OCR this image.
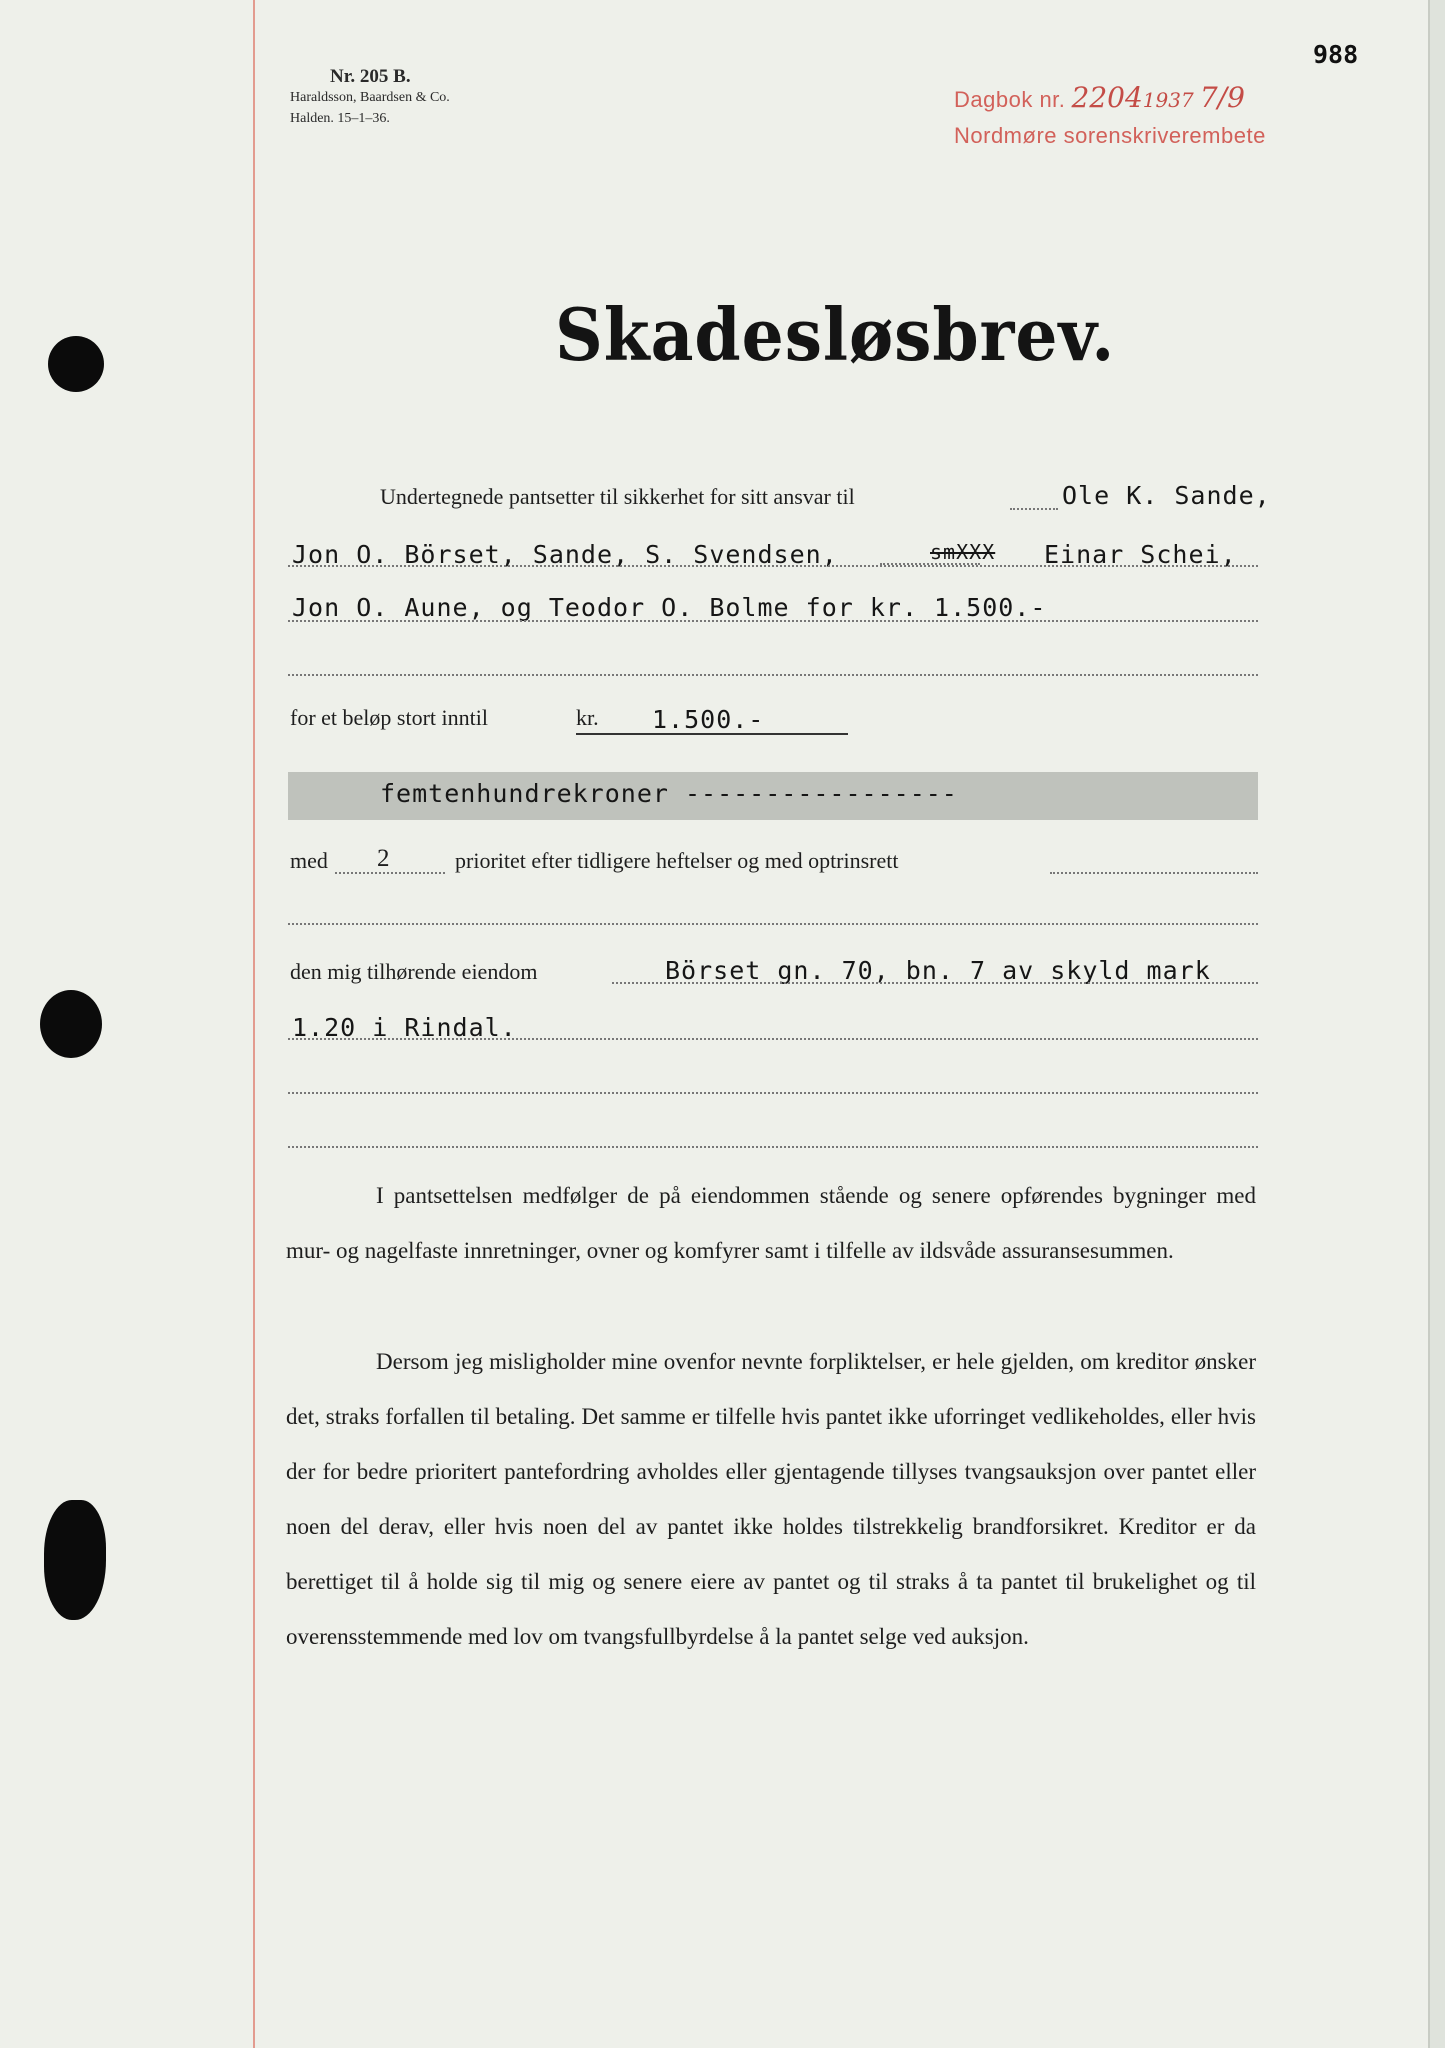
Nr. 205 B.
Haraldsson, Baardsen & Co.
Halden. 15–1–36.
988
Dagbok nr. 22041937 7/9
Nordmøre sorenskriverembete
Skadesløsbrev.
Undertegnede pantsetter til sikkerhet for sitt ansvar til	Ole K. Sande,
Jon O. Börset, Sande, S. Svendsen,	smXXX Einar Schei,
Jon O. Aune, og Teodor O. Bolme for kr. 1.500.-
for et beløp stort inntil	kr. 1.500.-
femtenhundrekroner -----------------
med 2	prioritet efter tidligere heftelser og med optrinsrett
den mig tilhørende eiendom	Börset gn. 70, bn. 7 av skyld mark
1.20 i Rindal.

I pantsettelsen medfølger de på eiendommen stående og senere opførendes bygninger med mur- og nagelfaste innretninger, ovner og komfyrer samt i tilfelle av ildsvåde assuransesummen.

Dersom jeg misligholder mine ovenfor nevnte forpliktelser, er hele gjelden, om kreditor ønsker det, straks forfallen til betaling. Det samme er tilfelle hvis pantet ikke uforringet vedlikeholdes, eller hvis der for bedre prioritert pantefordring avholdes eller gjentagende tillyses tvangsauksjon over pantet eller noen del derav, eller hvis noen del av pantet ikke holdes tilstrekkelig brandforsikret. Kreditor er da berettiget til å holde sig til mig og senere eiere av pantet og til straks å ta pantet til brukelighet og til overensstemmende med lov om tvangsfullbyrdelse å la pantet selge ved auksjon.
